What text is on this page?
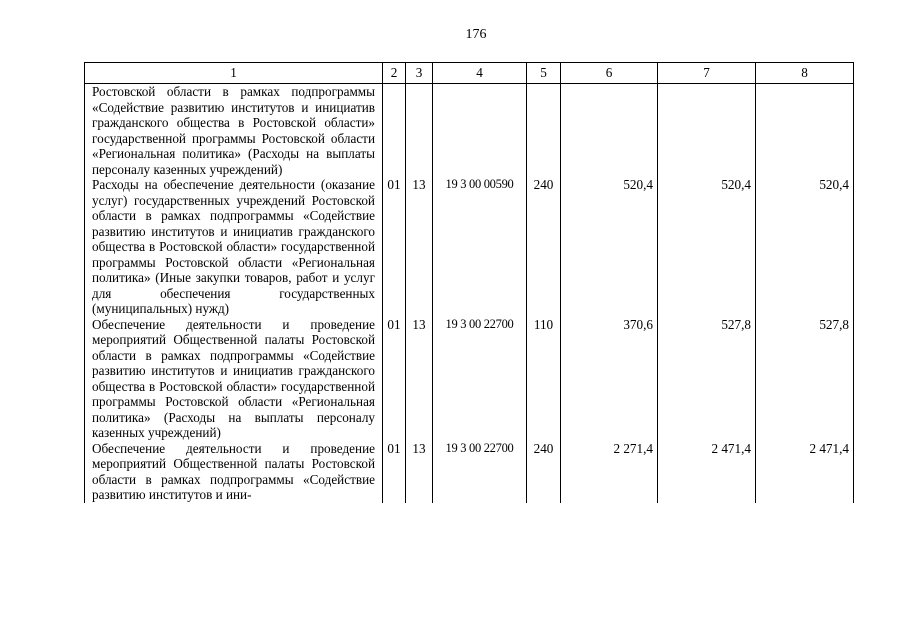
176
1	2	3	4	5	6	7	8

Ростовской области в рамках подпрограммы «Содействие развитию институтов и инициатив гражданского общества в Ростовской области» государственной программы Ростовской области «Региональная политика» (Расходы на выплаты персоналу казенных учреждений)							

Расходы на обеспечение деятельности (оказание услуг) государственных учреждений Ростовской области в рамках подпрограммы «Содействие развитию институтов и инициатив гражданского общества в Ростовской области» государственной программы Ростовской области «Региональная политика» (Иные закупки товаров, работ и услуг для обеспечения государственных (муниципальных) нужд)	01	13	19 3 00 00590	240	520,4	520,4	520,4

Обеспечение деятельности и проведение мероприятий Общественной палаты Ростовской области в рамках подпрограммы «Содействие развитию институтов и инициатив гражданского общества в Ростовской области» государственной программы Ростовской области «Региональная политика» (Расходы на выплаты персоналу казенных учреждений)	01	13	19 3 00 22700	110	370,6	527,8	527,8

Обеспечение деятельности и проведение мероприятий Общественной палаты Ростовской области в рамках подпрограммы «Содействие развитию институтов и ини-	01	13	19 3 00 22700	240	2 271,4	2 471,4	2 471,4
